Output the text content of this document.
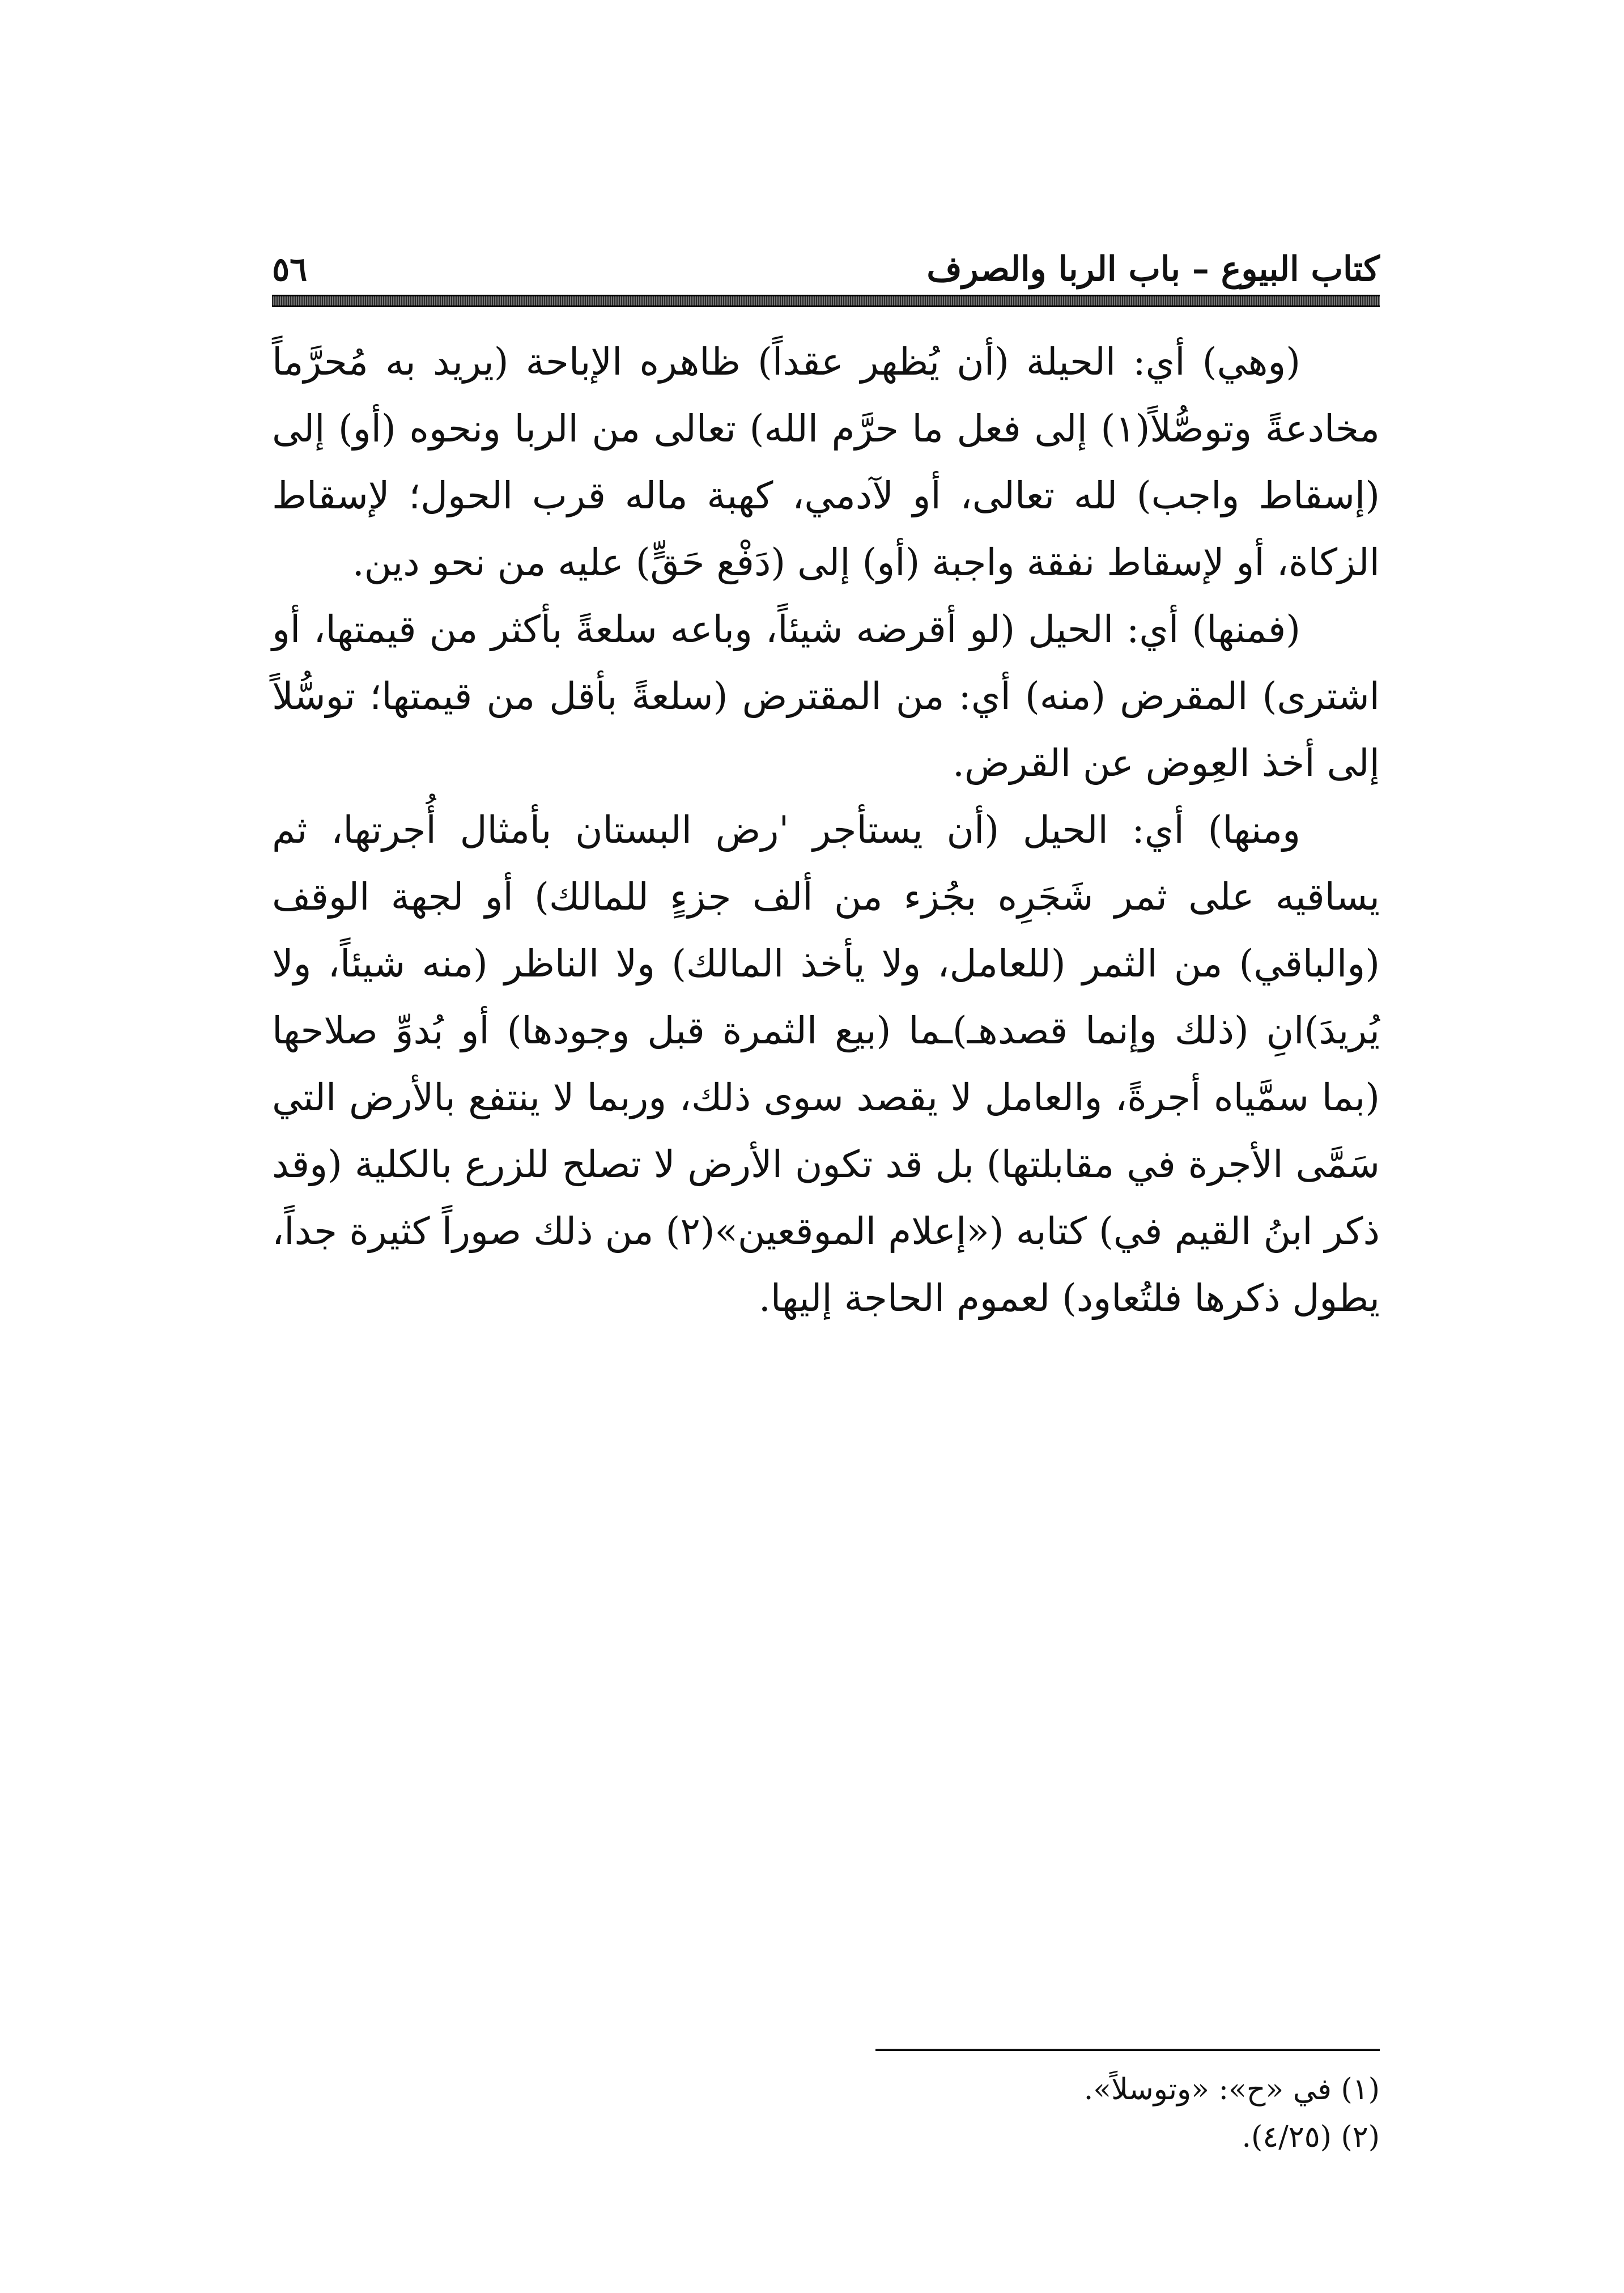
٥٦	كتاب البيوع – باب الربا والصرف

(وهي) أي: الحيلة (أن يُظهر عقداً) ظاهره الإباحة (يريد به مُحرَّماً مخادعةً وتوصُّلاً(١) إلى فعل ما حرَّم الله) تعالى من الربا ونحوه (أو) إلى (إسقاط واجب) لله تعالى، أو لآدمي، كهبة ماله قرب الحول؛ لإسقاط الزكاة، أو لإسقاط نفقة واجبة (أو) إلى (دَفْع حَقٍّ) عليه من نحو دين.

(فمنها) أي: الحيل (لو أقرضه شيئاً، وباعه سلعةً بأكثر من قيمتها، أو اشترى) المقرض (منه) أي: من المقترض (سلعةً بأقل من قيمتها؛ توسُّلاً إلى أخذ العِوض عن القرض.

ومنها) أي: الحيل (أن يستأجر 'رض البستان بأمثال أُجرتها، ثم يساقيه على ثمر شَجَرِه بجُزء من ألف جزءٍ للمالك) أو لجهة الوقف (والباقي) من الثمر (للعامل، ولا يأخذ المالك) ولا الناظر (منه شيئاً، ولا يُريدَ)انِ (ذلك وإنما قصدهـ)ـما (بيع الثمرة قبل وجودها) أو بُدوِّ صلاحها (بما سمَّياه أجرةً، والعامل لا يقصد سوى ذلك، وربما لا ينتفع بالأرض التي سَمَّى الأجرة في مقابلتها) بل قد تكون الأرض لا تصلح للزرع بالكلية (وقد ذكر ابنُ القيم في) كتابه («إعلام الموقعين»(٢) من ذلك صوراً كثيرة جداً، يطول ذكرها فلتُعاود) لعموم الحاجة إليها.

(١) في «ح»: «وتوسلاً».

(٢) (٤/٢٥).
